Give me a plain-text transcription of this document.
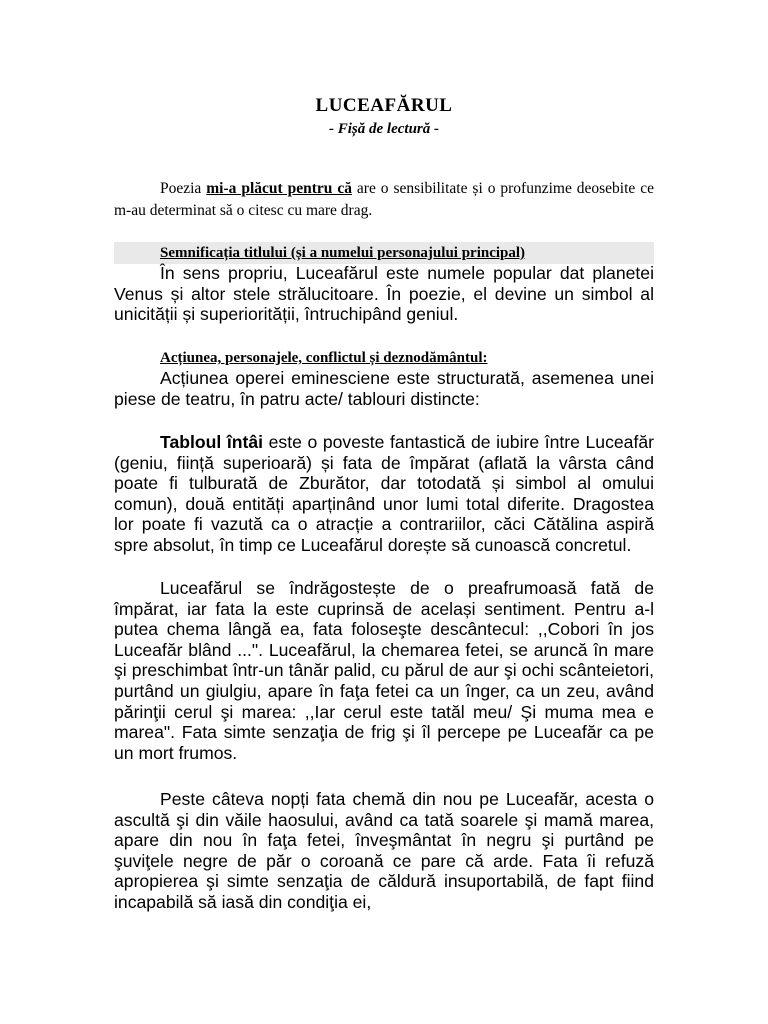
LUCEAFĂRUL
- Fișă de lectură -
Poezia mi-a plăcut pentru că are o sensibilitate și o profunzime deosebite ce m-au determinat să o citesc cu mare drag.
Semnificația titlului (și a numelui personajului principal)

În sens propriu, Luceafărul este numele popular dat planetei Venus și altor stele strălucitoare. În poezie, el devine un simbol al unicității și superiorității, întruchipând geniul.

Acțiunea, personajele, conflictul și deznodământul:

Acțiunea operei eminesciene este structurată, asemenea unei piese de teatru, în patru acte/ tablouri distincte:

Tabloul întâi este o poveste fantastică de iubire între Luceafăr (geniu, ființă superioară) și fata de împărat (aflată la vârsta când poate fi tulburată de Zburător, dar totodată și simbol al omului comun), două entități aparținând unor lumi total diferite. Dragostea lor poate fi vazută ca o atracție a contrariilor, căci Cătălina aspiră spre absolut, în timp ce Luceafărul dorește să cunoască concretul.

Luceafărul se îndrăgostește de o preafrumoasă fată de împărat, iar fata la este cuprinsă de același sentiment. Pentru a-l putea chema lângă ea, fata foloseşte descântecul: ,,Cobori în jos Luceafăr blând ...". Luceafărul, la chemarea fetei, se aruncă în mare şi preschimbat într-un tânăr palid, cu părul de aur şi ochi scânteietori, purtând un giulgiu, apare în faţa fetei ca un înger, ca un zeu, având părinţii cerul şi marea: ,,Iar cerul este tatăl meu/ Şi muma mea e marea". Fata simte senzaţia de frig şi îl percepe pe Luceafăr ca pe un mort frumos.

Peste câteva nopți fata chemă din nou pe Luceafăr, acesta o ascultă şi din văile haosului, având ca tată soarele şi mamă marea, apare din nou în faţa fetei, înveşmântat în negru şi purtând pe şuviţele negre de păr o coroană ce pare că arde. Fata îi refuză apropierea şi simte senzaţia de căldură insuportabilă, de fapt fiind incapabilă să iasă din condiţia ei,
